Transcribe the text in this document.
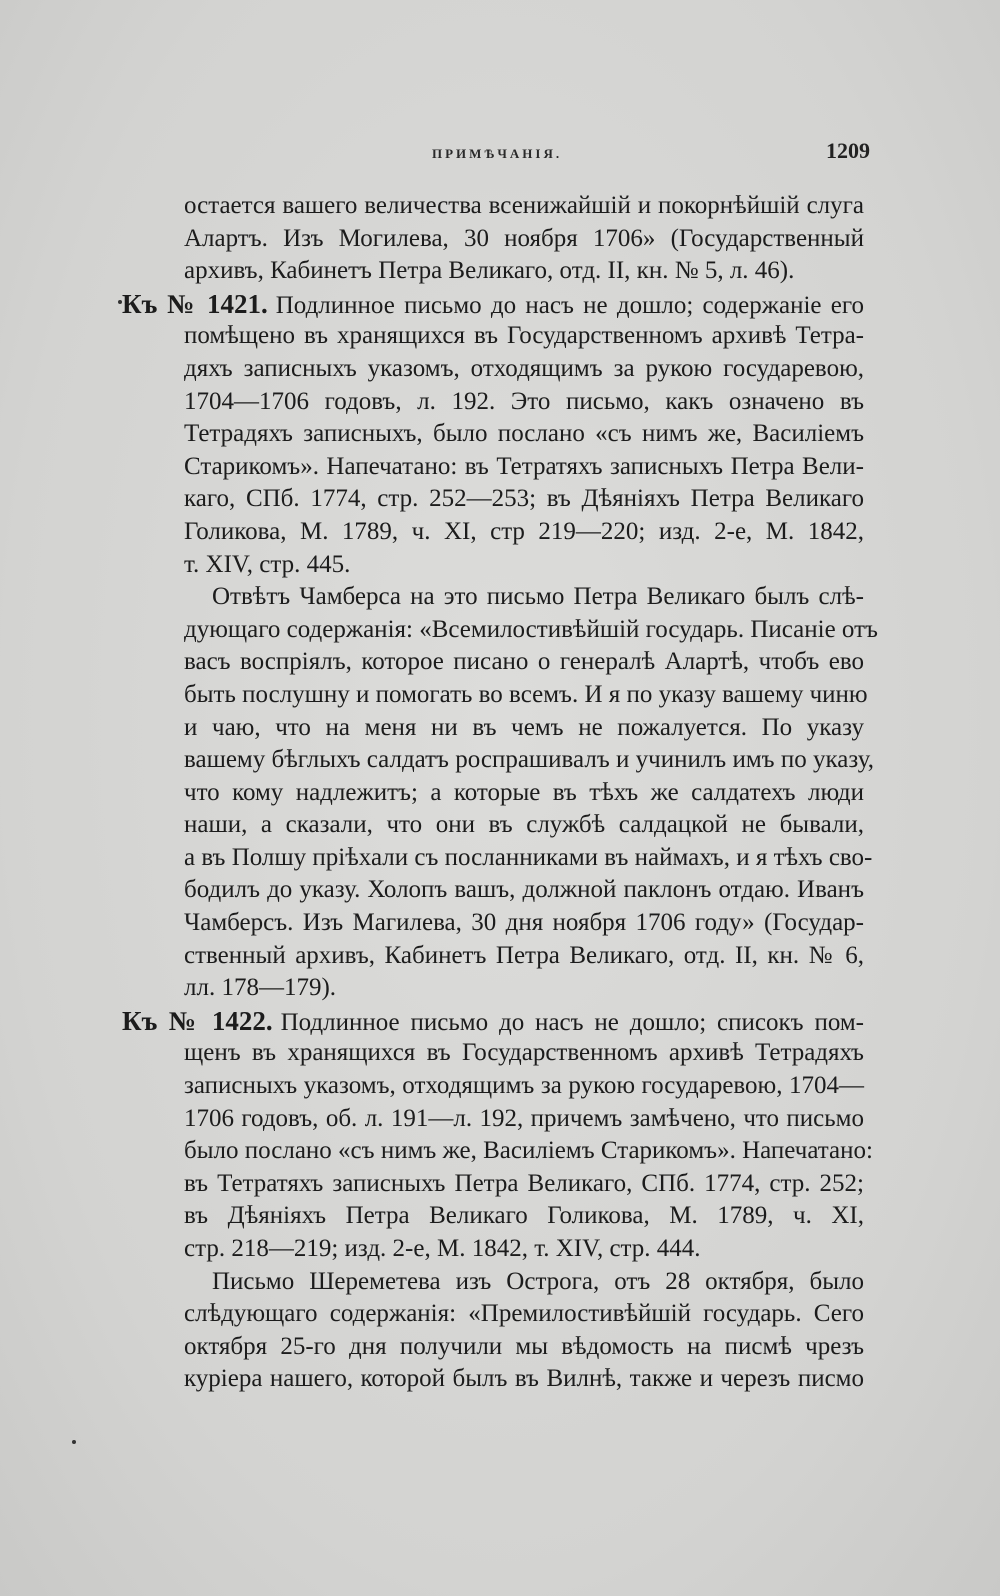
ПРИМѢЧАНІЯ.	1209
остается вашего величества всенижайшій и покорнѣйшій слуга
Алартъ. Изъ Могилева, 30 ноября 1706» (Государственный
архивъ, Кабинетъ Петра Великаго, отд. II, кн. № 5, л. 46).
Къ № 1421. Подлинное письмо до насъ не дошло; содержаніе его
помѣщено въ хранящихся въ Государственномъ архивѣ Тетра-
дяхъ записныхъ указомъ, отходящимъ за рукою государевою,
1704—1706 годовъ, л. 192. Это письмо, какъ означено въ
Тетрадяхъ записныхъ, было послано «съ нимъ же, Василіемъ
Старикомъ». Напечатано: въ Тетратяхъ записныхъ Петра Вели-
каго, СПб. 1774, стр. 252—253; въ Дѣяніяхъ Петра Великаго
Голикова, М. 1789, ч. XI, стр 219—220; изд. 2-е, М. 1842,
т. XIV, стр. 445.
Отвѣтъ Чамберса на это письмо Петра Великаго былъ слѣ-
дующаго содержанія: «Всемилостивѣйшій государь. Писаніе отъ
васъ воспріялъ, которое писано о генералѣ Алартѣ, чтобъ ево
быть послушну и помогать во всемъ. И я по указу вашему чиню
и чаю, что на меня ни въ чемъ не пожалуется. По указу
вашему бѣглыхъ салдатъ роспрашивалъ и учинилъ имъ по указу,
что кому надлежитъ; а которые въ тѣхъ же салдатехъ люди
наши, а сказали, что они въ службѣ салдацкой не бывали,
а въ Полшу пріѣхали съ посланниками въ наймахъ, и я тѣхъ сво-
бодилъ до указу. Холопъ вашъ, должной паклонъ отдаю. Иванъ
Чамберсъ. Изъ Магилева, 30 дня ноября 1706 году» (Государ-
ственный архивъ, Кабинетъ Петра Великаго, отд. II, кн. № 6,
лл. 178—179).
Къ № 1422. Подлинное письмо до насъ не дошло; списокъ пом-
щенъ въ хранящихся въ Государственномъ архивѣ Тетрадяхъ
записныхъ указомъ, отходящимъ за рукою государевою, 1704—
1706 годовъ, об. л. 191—л. 192, причемъ замѣчено, что письмо
было послано «съ нимъ же, Василіемъ Старикомъ». Напечатано:
въ Тетратяхъ записныхъ Петра Великаго, СПб. 1774, стр. 252;
въ Дѣяніяхъ Петра Великаго Голикова, М. 1789, ч. XI,
стр. 218—219; изд. 2-е, М. 1842, т. XIV, стр. 444.
Письмо Шереметева изъ Острога, отъ 28 октября, было
слѣдующаго содержанія: «Премилостивѣйшій государь. Сего
октября 25-го дня получили мы вѣдомость на писмѣ чрезъ
куріера нашего, которой былъ въ Вилнѣ, также и черезъ писмо
